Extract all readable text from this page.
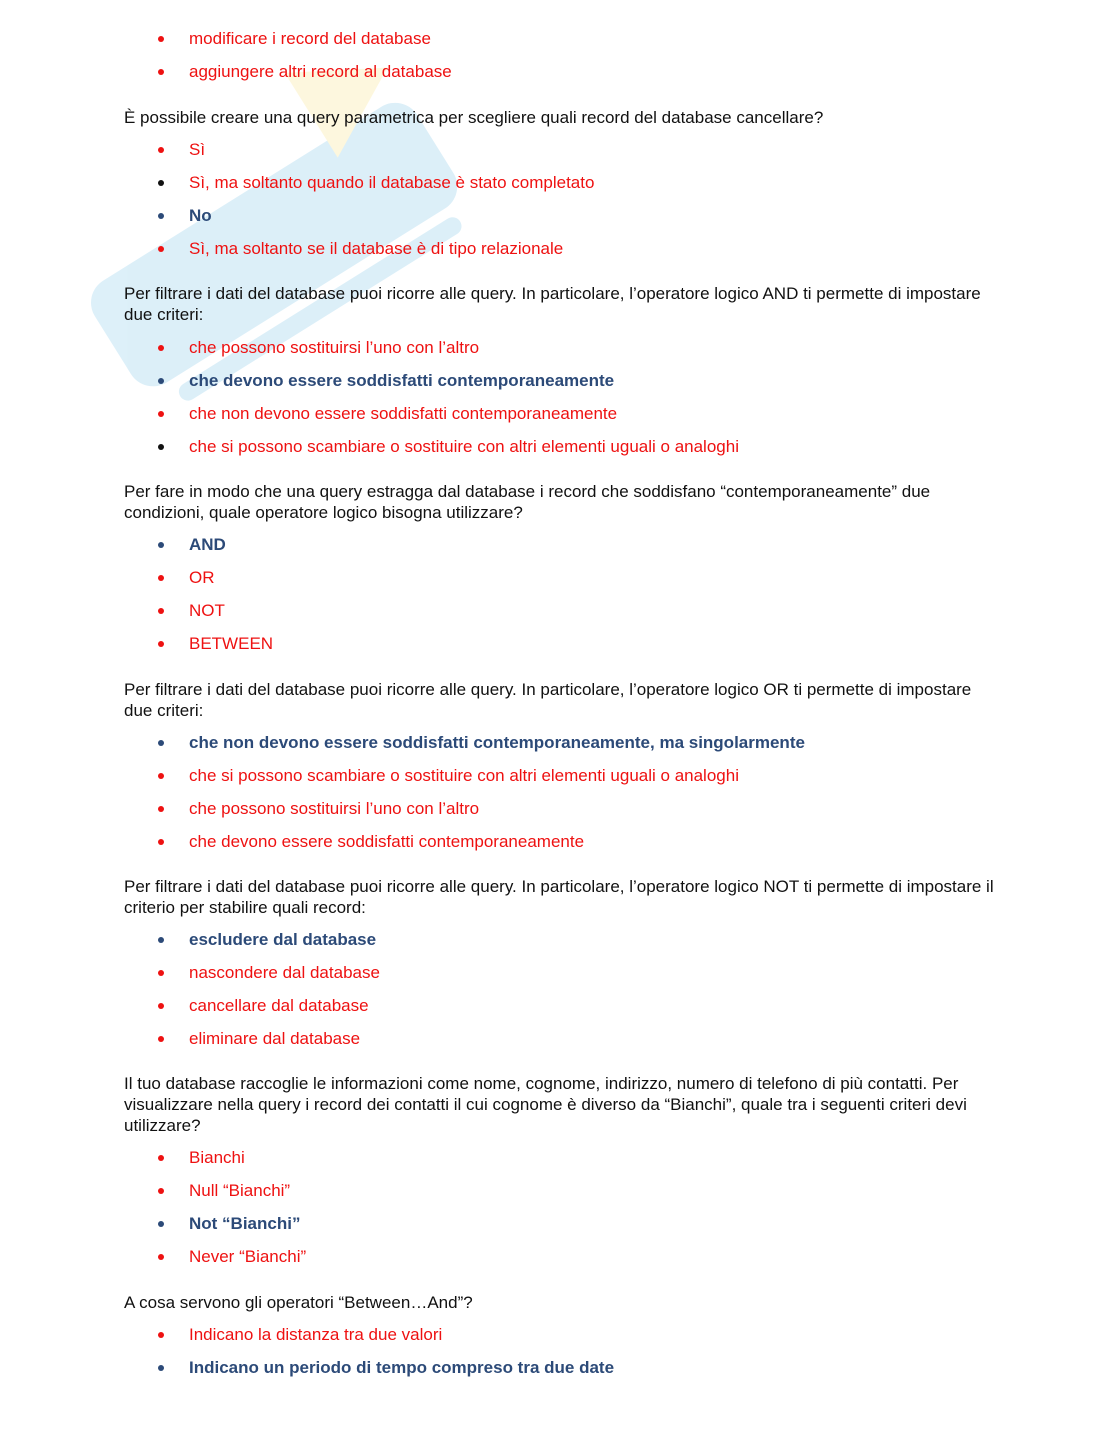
modificare i record del database
aggiungere altri record al database

È possibile creare una query parametrica per scegliere quali record del database cancellare?

Sì
Sì, ma soltanto quando il database è stato completato
No
Sì, ma soltanto se il database è di tipo relazionale

Per filtrare i dati del database puoi ricorre alle query. In particolare, l’operatore logico AND ti permette di impostare due criteri:

che possono sostituirsi l’uno con l’altro
che devono essere soddisfatti contemporaneamente
che non devono essere soddisfatti contemporaneamente
che si possono scambiare o sostituire con altri elementi uguali o analoghi

Per fare in modo che una query estragga dal database i record che soddisfano “contemporaneamente” due condizioni, quale operatore logico bisogna utilizzare?

AND
OR
NOT
BETWEEN

Per filtrare i dati del database puoi ricorre alle query. In particolare, l’operatore logico OR ti permette di impostare due criteri:

che non devono essere soddisfatti contemporaneamente, ma singolarmente
che si possono scambiare o sostituire con altri elementi uguali o analoghi
che possono sostituirsi l’uno con l’altro
che devono essere soddisfatti contemporaneamente

Per filtrare i dati del database puoi ricorre alle query. In particolare, l’operatore logico NOT ti permette di impostare il criterio per stabilire quali record:

escludere dal database
nascondere dal database
cancellare dal database
eliminare dal database

Il tuo database raccoglie le informazioni come nome, cognome, indirizzo, numero di telefono di più contatti. Per visualizzare nella query i record dei contatti il cui cognome è diverso da “Bianchi”, quale tra i seguenti criteri devi utilizzare?

Bianchi
Null “Bianchi”
Not “Bianchi”
Never “Bianchi”

A cosa servono gli operatori “Between…And”?

Indicano la distanza tra due valori
Indicano un periodo di tempo compreso tra due date
